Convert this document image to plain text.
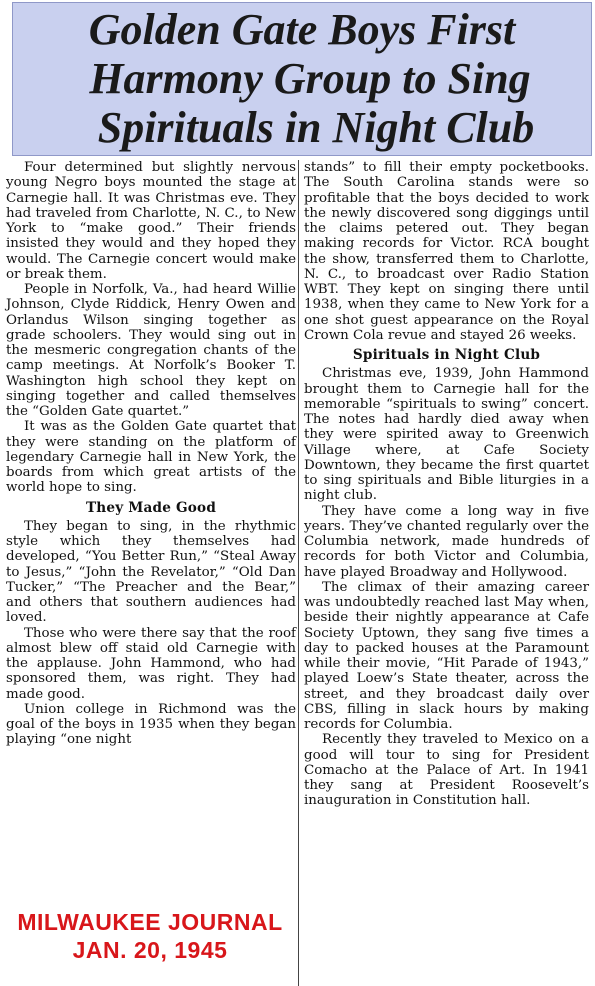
Golden Gate Boys First
Harmony Group to Sing
Spirituals in Night Club

Four determined but slightly nervous young Negro boys mounted the stage at Carnegie hall. It was Christmas eve. They had traveled from Charlotte, N. C., to New York to “make good.” Their friends insisted they would and they hoped they would. The Carnegie concert would make or break them.

People in Norfolk, Va., had heard Willie Johnson, Clyde Riddick, Henry Owen and Orlandus Wilson singing together as grade schoolers. They would sing out in the mesmeric congregation chants of the camp meetings. At Norfolk’s Booker T. Washington high school they kept on singing together and called themselves the “Golden Gate quartet.”

It was as the Golden Gate quartet that they were standing on the platform of legendary Carnegie hall in New York, the boards from which great artists of the world hope to sing.

They Made Good

They began to sing, in the rhythmic style which they themselves had developed, “You Better Run,” “Steal Away to Jesus,” “John the Revelator,” “Old Dan Tucker,” “The Preacher and the Bear,” and others that southern audiences had loved.

Those who were there say that the roof almost blew off staid old Carnegie with the applause. John Hammond, who had sponsored them, was right. They had made good.

Union college in Richmond was the goal of the boys in 1935 when they began playing “one night

stands” to fill their empty pocketbooks. The South Carolina stands were so profitable that the boys decided to work the newly discovered song diggings until the claims petered out. They began making records for Victor. RCA bought the show, transferred them to Charlotte, N. C., to broadcast over Radio Station WBT. They kept on singing there until 1938, when they came to New York for a one shot guest appearance on the Royal Crown Cola revue and stayed 26 weeks.

Spirituals in Night Club

Christmas eve, 1939, John Hammond brought them to Carnegie hall for the memorable “spirituals to swing” concert. The notes had hardly died away when they were spirited away to Greenwich Village where, at Cafe Society Downtown, they became the first quartet to sing spirituals and Bible liturgies in a night club.

They have come a long way in five years. They’ve chanted regularly over the Columbia network, made hundreds of records for both Victor and Columbia, have played Broadway and Hollywood.

The climax of their amazing career was undoubtedly reached last May when, beside their nightly appearance at Cafe Society Uptown, they sang five times a day to packed houses at the Paramount while their movie, “Hit Parade of 1943,” played Loew’s State theater, across the street, and they broadcast daily over CBS, filling in slack hours by making records for Columbia.

Recently they traveled to Mexico on a good will tour to sing for President Comacho at the Palace of Art. In 1941 they sang at President Roosevelt’s inauguration in Constitution hall.

MILWAUKEE JOURNAL
JAN. 20, 1945
